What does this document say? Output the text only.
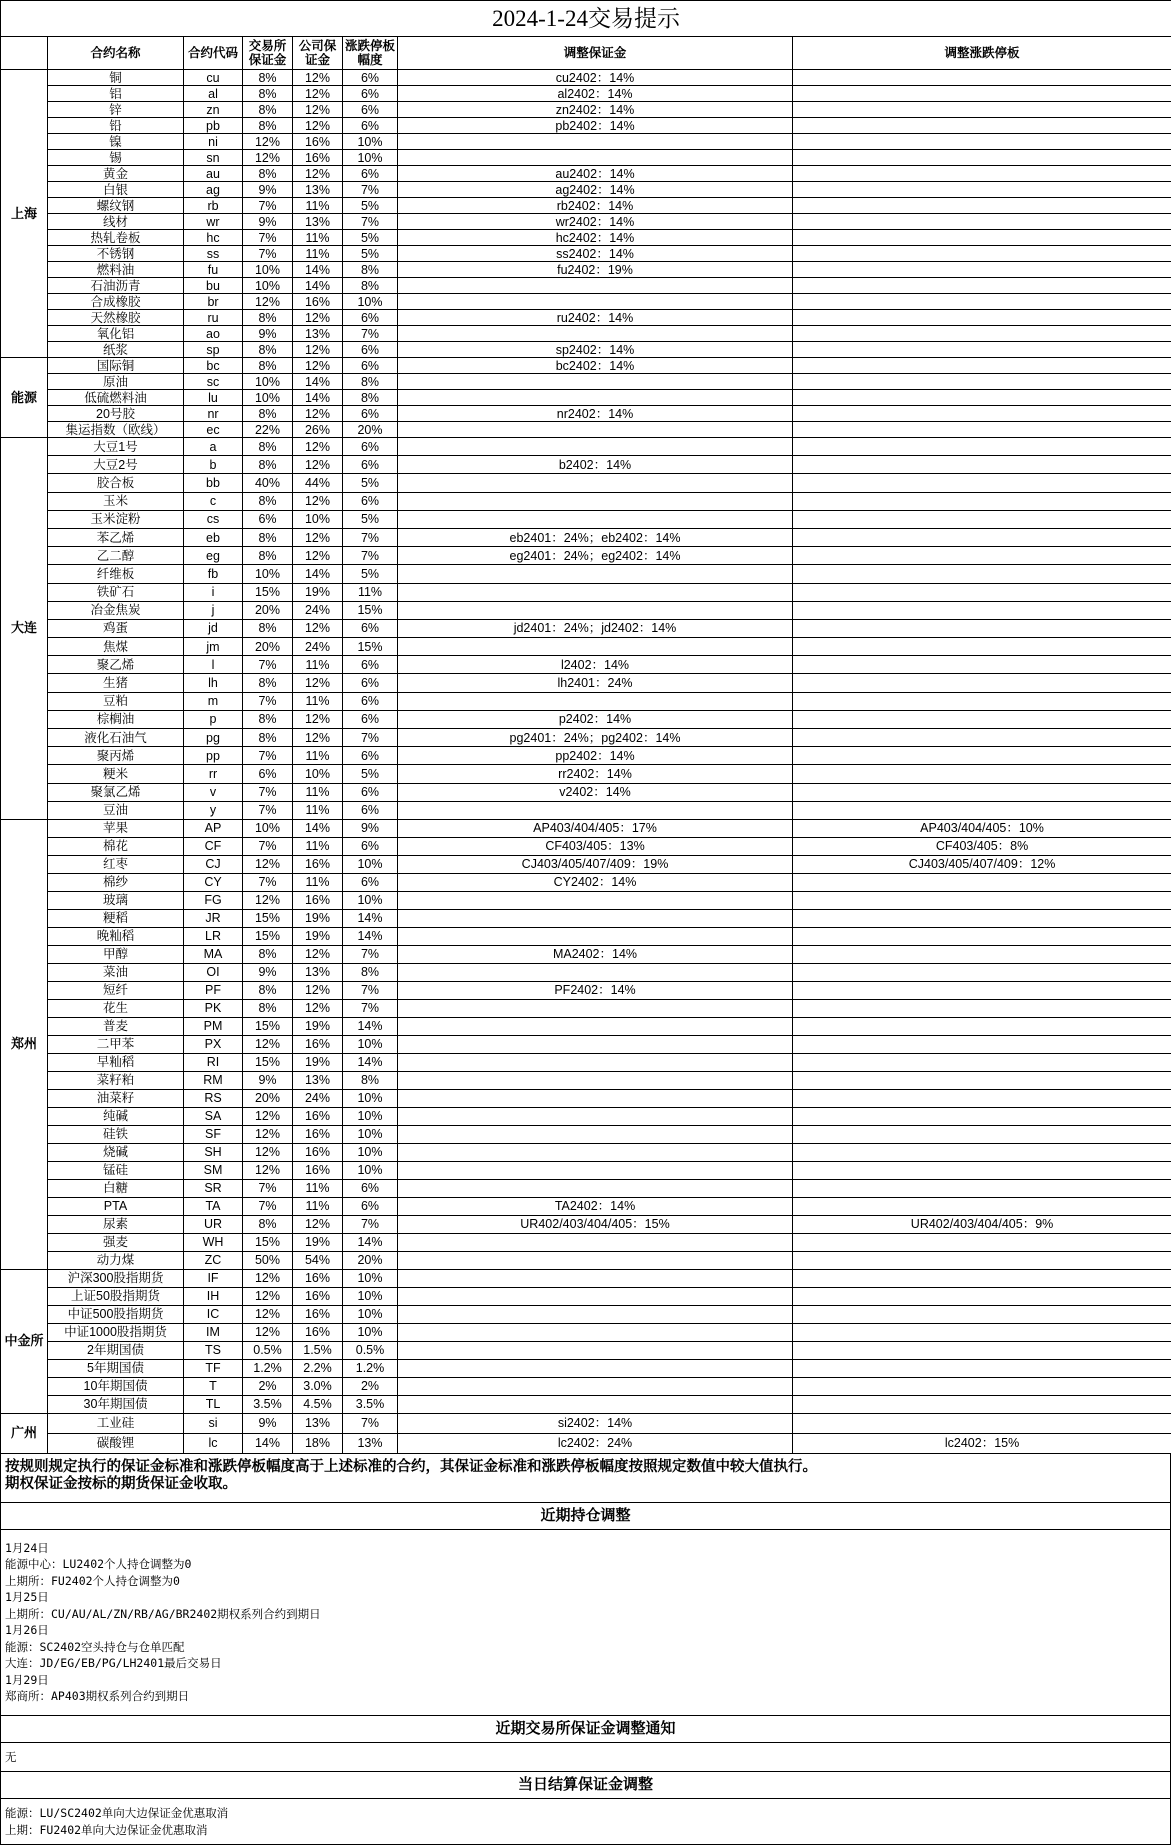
2024-1-24交易提示							
	合约名称	合约代码	交易所保证金	公司保证金	涨跌停板幅度	调整保证金	调整涨跌停板
上海	铜	cu	8%	12%	6%	cu2402：14%	
	铝	al	8%	12%	6%	al2402：14%	
	锌	zn	8%	12%	6%	zn2402：14%	
	铅	pb	8%	12%	6%	pb2402：14%	
	镍	ni	12%	16%	10%		
	锡	sn	12%	16%	10%		
	黄金	au	8%	12%	6%	au2402：14%	
	白银	ag	9%	13%	7%	ag2402：14%	
	螺纹钢	rb	7%	11%	5%	rb2402：14%	
	线材	wr	9%	13%	7%	wr2402：14%	
	热轧卷板	hc	7%	11%	5%	hc2402：14%	
	不锈钢	ss	7%	11%	5%	ss2402：14%	
	燃料油	fu	10%	14%	8%	fu2402：19%	
	石油沥青	bu	10%	14%	8%		
	合成橡胶	br	12%	16%	10%		
	天然橡胶	ru	8%	12%	6%	ru2402：14%	
	氧化铝	ao	9%	13%	7%		
	纸浆	sp	8%	12%	6%	sp2402：14%	
能源	国际铜	bc	8%	12%	6%	bc2402：14%	
	原油	sc	10%	14%	8%		
	低硫燃料油	lu	10%	14%	8%		
	20号胶	nr	8%	12%	6%	nr2402：14%	
	集运指数（欧线）	ec	22%	26%	20%		
大连	大豆1号	a	8%	12%	6%		
	大豆2号	b	8%	12%	6%	b2402：14%	
	胶合板	bb	40%	44%	5%		
	玉米	c	8%	12%	6%		
	玉米淀粉	cs	6%	10%	5%		
	苯乙烯	eb	8%	12%	7%	eb2401：24%；eb2402：14%	
	乙二醇	eg	8%	12%	7%	eg2401：24%；eg2402：14%	
	纤维板	fb	10%	14%	5%		
	铁矿石	i	15%	19%	11%		
	冶金焦炭	j	20%	24%	15%		
	鸡蛋	jd	8%	12%	6%	jd2401：24%；jd2402：14%	
	焦煤	jm	20%	24%	15%		
	聚乙烯	l	7%	11%	6%	l2402：14%	
	生猪	lh	8%	12%	6%	lh2401：24%	
	豆粕	m	7%	11%	6%		
	棕榈油	p	8%	12%	6%	p2402：14%	
	液化石油气	pg	8%	12%	7%	pg2401：24%；pg2402：14%	
	聚丙烯	pp	7%	11%	6%	pp2402：14%	
	粳米	rr	6%	10%	5%	rr2402：14%	
	聚氯乙烯	v	7%	11%	6%	v2402：14%	
	豆油	y	7%	11%	6%		
郑州	苹果	AP	10%	14%	9%	AP403/404/405：17%	AP403/404/405：10%
	棉花	CF	7%	11%	6%	CF403/405：13%	CF403/405：8%
	红枣	CJ	12%	16%	10%	CJ403/405/407/409：19%	CJ403/405/407/409：12%
	棉纱	CY	7%	11%	6%	CY2402：14%	
	玻璃	FG	12%	16%	10%		
	粳稻	JR	15%	19%	14%		
	晚籼稻	LR	15%	19%	14%		
	甲醇	MA	8%	12%	7%	MA2402：14%	
	菜油	OI	9%	13%	8%		
	短纤	PF	8%	12%	7%	PF2402：14%	
	花生	PK	8%	12%	7%		
	普麦	PM	15%	19%	14%		
	二甲苯	PX	12%	16%	10%		
	早籼稻	RI	15%	19%	14%		
	菜籽粕	RM	9%	13%	8%		
	油菜籽	RS	20%	24%	10%		
	纯碱	SA	12%	16%	10%		
	硅铁	SF	12%	16%	10%		
	烧碱	SH	12%	16%	10%		
	锰硅	SM	12%	16%	10%		
	白糖	SR	7%	11%	6%		
	PTA	TA	7%	11%	6%	TA2402：14%	
	尿素	UR	8%	12%	7%	UR402/403/404/405：15%	UR402/403/404/405：9%
	强麦	WH	15%	19%	14%		
	动力煤	ZC	50%	54%	20%		
中金所	沪深300股指期货	IF	12%	16%	10%		
	上证50股指期货	IH	12%	16%	10%		
	中证500股指期货	IC	12%	16%	10%		
	中证1000股指期货	IM	12%	16%	10%		
	2年期国债	TS	0.5%	1.5%	0.5%		
	5年期国债	TF	1.2%	2.2%	1.2%		
	10年期国债	T	2%	3.0%	2%		
	30年期国债	TL	3.5%	4.5%	3.5%		
广州	工业硅	si	9%	13%	7%	si2402：14%	
	碳酸锂	lc	14%	18%	13%	lc2402：24%	lc2402：15%
按规则规定执行的保证金标准和涨跌停板幅度高于上述标准的合约，其保证金标准和涨跌停板幅度按照规定数值中较大值执行。
期权保证金按标的期货保证金收取。
近期持仓调整
1月24日
能源中心：LU2402个人持仓调整为0
上期所：FU2402个人持仓调整为0
1月25日
上期所：CU/AU/AL/ZN/RB/AG/BR2402期权系列合约到期日
1月26日
能源：SC2402空头持仓与仓单匹配
大连：JD/EG/EB/PG/LH2401最后交易日
1月29日
郑商所：AP403期权系列合约到期日
近期交易所保证金调整通知
无
当日结算保证金调整
能源：LU/SC2402单向大边保证金优惠取消
上期：FU2402单向大边保证金优惠取消
